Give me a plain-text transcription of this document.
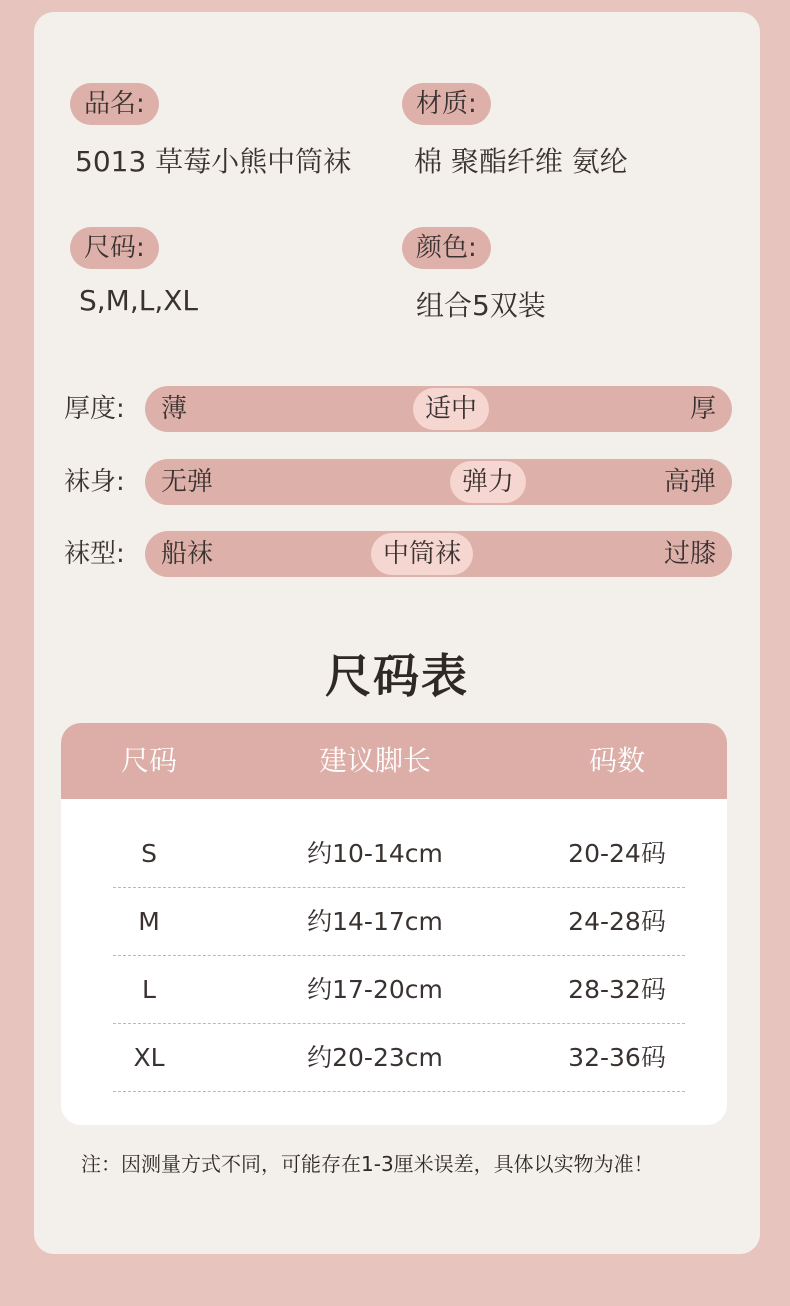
品名:
5013 草莓小熊中筒袜
材质:
棉 聚酯纤维 氨纶
尺码:
S,M,L,XL
颜色:
组合5双装
厚度: 薄	适中	厚
袜身: 无弹	弹力	高弹
袜型: 船袜	中筒袜	过膝
尺码表
尺码	建议脚长	码数
S	约10-14cm	20-24码
M	约14-17cm	24-28码
L	约17-20cm	28-32码
XL	约20-23cm	32-36码
注：因测量方式不同，可能存在1-3厘米误差，具体以实物为准！
